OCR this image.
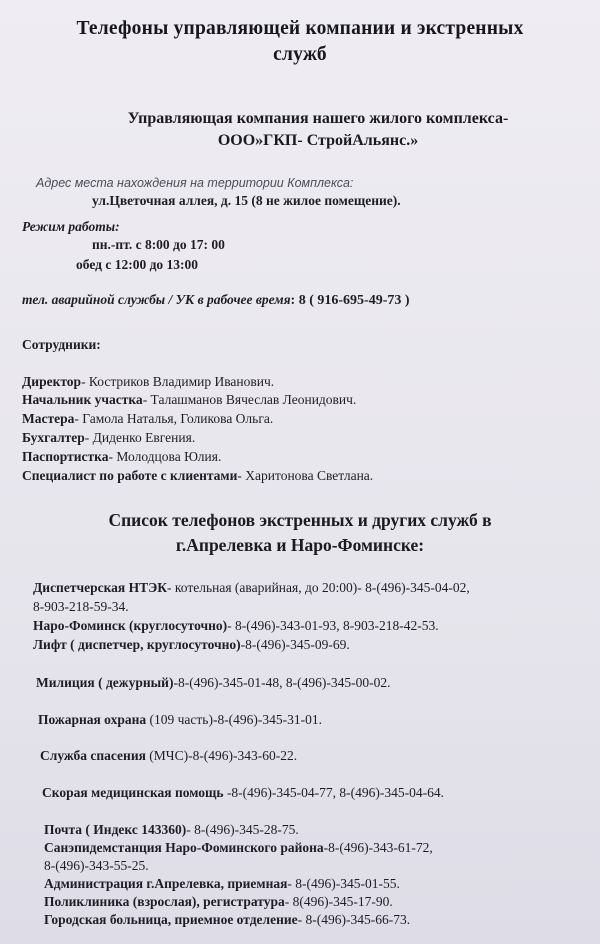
Телефоны управляющей компании и экстренных
служб
Управляющая компания нашего жилого комплекса-
ООО»ГКП- СтройАльянс.»
Адрес места нахождения на территории Комплекса:
ул.Цветочная аллея, д. 15 (8 не жилое помещение).
Режим работы:
пн.-пт. с 8:00 до 17: 00
обед с 12:00 до 13:00
тел. аварийной службы / УК в рабочее время: 8 ( 916-695-49-73 )
Сотрудники:
Директор- Костриков Владимир Иванович.
Начальник участка- Талашманов Вячеслав Леонидович.
Мастера- Гамола Наталья, Голикова Ольга.
Бухгалтер- Диденко Евгения.
Паспортистка- Молодцова Юлия.
Специалист по работе с клиентами- Харитонова Светлана.
Список телефонов экстренных и других служб в
г.Апрелевка и Наро-Фоминске:
Диспетчерская НТЭК- котельная (аварийная, до 20:00)- 8-(496)-345-04-02,
8-903-218-59-34.
Наро-Фоминск (круглосуточно)- 8-(496)-343-01-93, 8-903-218-42-53.
Лифт ( диспетчер, круглосуточно)-8-(496)-345-09-69.
Милиция ( дежурный)-8-(496)-345-01-48, 8-(496)-345-00-02.
Пожарная охрана (109 часть)-8-(496)-345-31-01.
Служба спасения (МЧС)-8-(496)-343-60-22.
Скорая медицинская помощь -8-(496)-345-04-77, 8-(496)-345-04-64.
Почта ( Индекс 143360)- 8-(496)-345-28-75.
Санэпидемстанция Наро-Фоминского района-8-(496)-343-61-72,
8-(496)-343-55-25.
Администрация г.Апрелевка, приемная- 8-(496)-345-01-55.
Поликлиника (взрослая), регистратура- 8(496)-345-17-90.
Городская больница, приемное отделение- 8-(496)-345-66-73.
